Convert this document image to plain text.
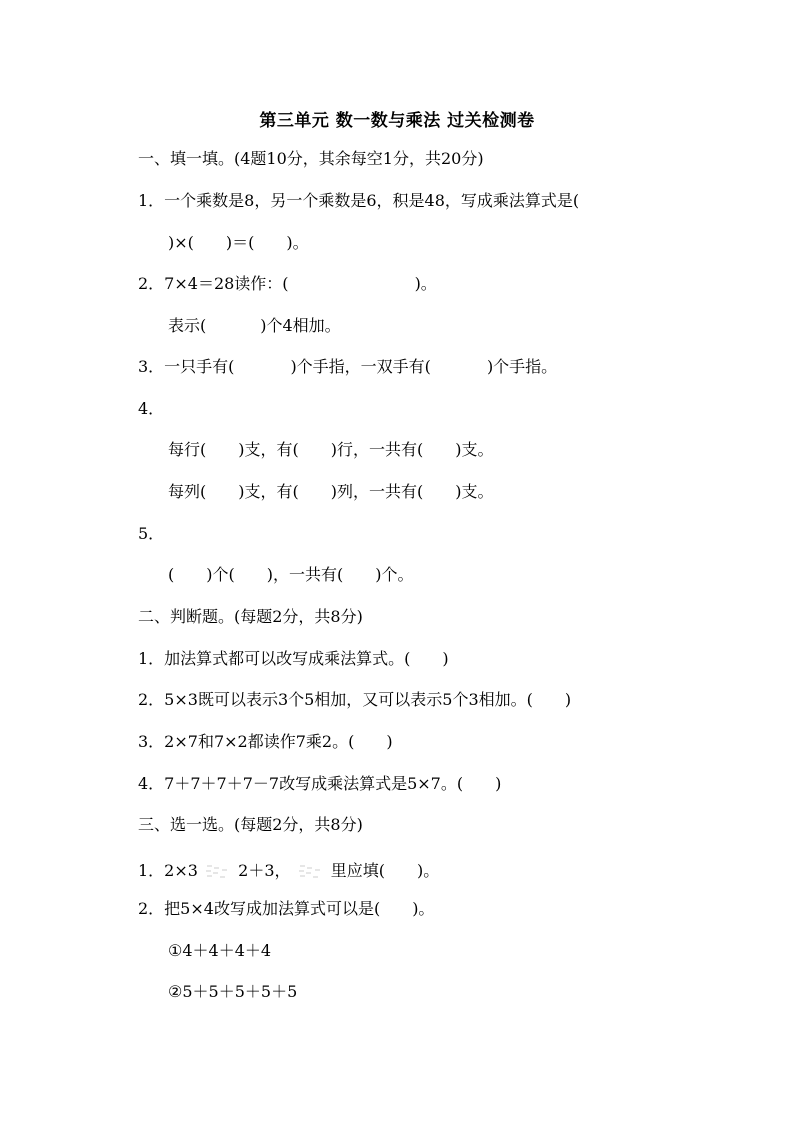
第三单元 数一数与乘法 过关检测卷
一、填一填。(4题10分，其余每空1分，共20分)
1．一个乘数是8，另一个乘数是6，积是48，写成乘法算式是(
)×(　　)＝(　　)。
2．7×4＝28读作：(	)。
表示(	)个4相加。
3．一只手有(	)个手指，一双手有(	)个手指。
4．
每行(　　)支，有(　　)行，一共有(　　)支。
每列(　　)支，有(　　)列，一共有(　　)支。
5．
(　　)个(　　)，一共有(　　)个。
二、判断题。(每题2分，共8分)
1．加法算式都可以改写成乘法算式。(　　)
2．5×3既可以表示3个5相加，又可以表示5个3相加。(　　)
3．2×7和7×2都读作7乘2。(　　)
4．7＋7＋7＋7－7改写成乘法算式是5×7。(　　)
三、选一选。(每题2分，共8分)
1．2×3	2＋3，	里应填(　　)。
2．把5×4改写成加法算式可以是(　　)。
①4＋4＋4＋4
②5＋5＋5＋5＋5
